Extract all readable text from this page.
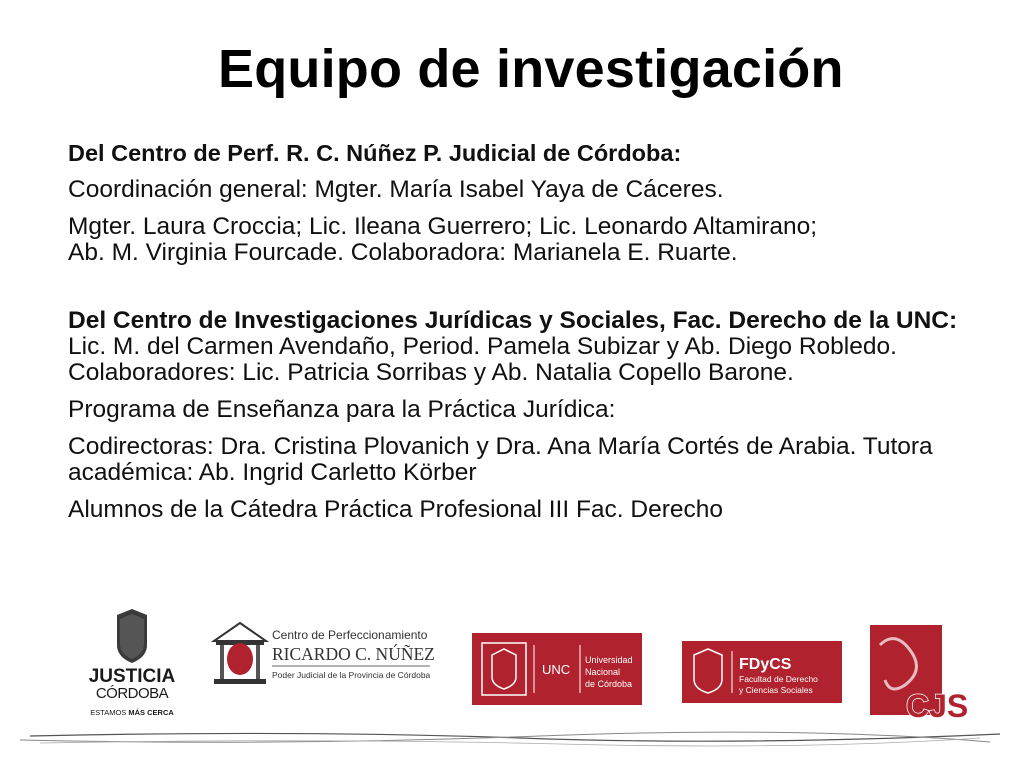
Equipo de investigación

Del Centro de Perf. R. C. Núñez P. Judicial de Córdoba:

Coordinación general: Mgter. María Isabel Yaya de Cáceres.

Mgter. Laura Croccia; Lic. Ileana Guerrero; Lic. Leonardo Altamirano;
Ab. M. Virginia Fourcade. Colaboradora: Marianela E. Ruarte.

Del Centro de Investigaciones Jurídicas y Sociales, Fac. Derecho de la UNC: Lic. M. del Carmen Avendaño, Period. Pamela Subizar y Ab. Diego Robledo. Colaboradores: Lic. Patricia Sorribas y Ab. Natalia Copello Barone.

Programa de Enseñanza para la Práctica Jurídica:

Codirectoras: Dra. Cristina Plovanich y Dra. Ana María Cortés de Arabia. Tutora académica: Ab. Ingrid Carletto Körber

Alumnos de la Cátedra Práctica Profesional III Fac. Derecho

JUSTICIA
CÓRDOBA
ESTAMOS MÁS CERCA
Centro de Perfeccionamiento
RICARDO C. NÚÑEZ
Poder Judicial de la Provincia de Córdoba	UNC
Universidad
Nacional
de Córdoba
FDyCS
Facultad de Derecho
y Ciencias Sociales	CJS
